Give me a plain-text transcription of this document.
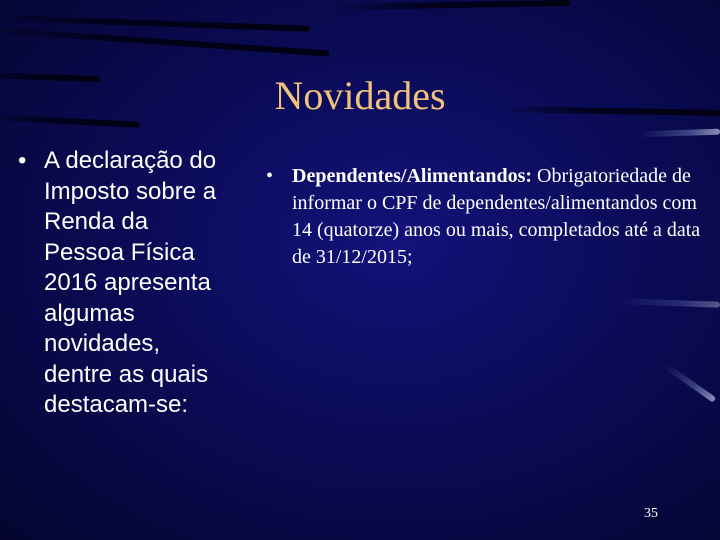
Novidades
• A declaração do Imposto sobre a Renda da Pessoa Física 2016 apresenta algumas novidades, dentre as quais destacam-se:
• Dependentes/Alimentandos: Obrigatoriedade de informar o CPF de dependentes/alimentandos com 14 (quatorze) anos ou mais, completados até a data de 31/12/2015;
35
